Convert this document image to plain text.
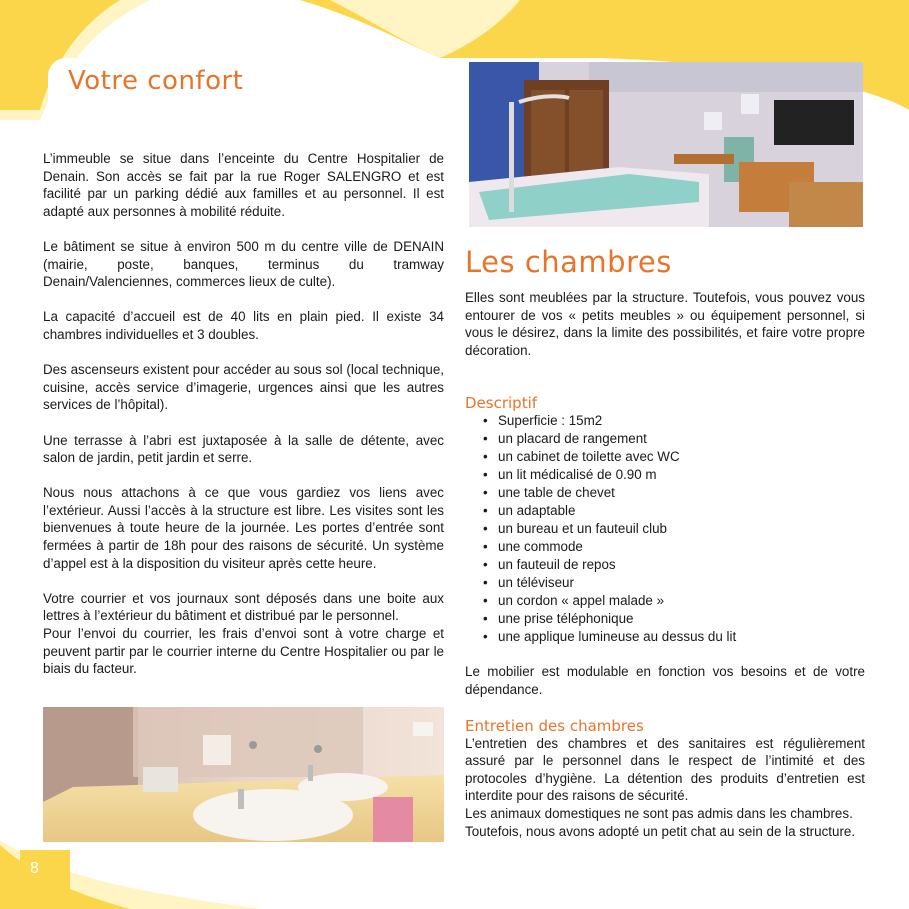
Votre confort

L’immeuble se situe dans l’enceinte du Centre Hospitalier de Denain. Son accès se fait par la rue Roger SALENGRO et est facilité par un parking dédié aux familles et au personnel. Il est adapté aux personnes à mobilité réduite.

Le bâtiment se situe à environ 500 m du centre ville de DENAIN (mairie, poste, banques, terminus du tramway Denain/Valenciennes, commerces lieux de culte).

La capacité d’accueil est de 40 lits en plain pied. Il existe 34 chambres individuelles et 3 doubles.

Des ascenseurs existent pour accéder au sous sol (local technique, cuisine, accès service d’imagerie, urgences ainsi que les autres services de l’hôpital).

Une terrasse à l’abri est juxtaposée à la salle de détente, avec salon de jardin, petit jardin et serre.

Nous nous attachons à ce que vous gardiez vos liens avec l’extérieur. Aussi l’accès à la structure est libre. Les visites sont les bienvenues à toute heure de la journée. Les portes d’entrée sont fermées à partir de 18h pour des raisons de sécurité. Un système d’appel est à la disposition du visiteur après cette heure.

Votre courrier et vos journaux sont déposés dans une boite aux lettres à l’extérieur du bâtiment et distribué par le personnel.

Pour l’envoi du courrier, les frais d’envoi sont à votre charge et peuvent partir par le courrier interne du Centre Hospitalier ou par le biais du facteur.

Les chambres

Elles sont meublées par la structure. Toutefois, vous pouvez vous entourer de vos « petits meubles » ou équipement personnel, si vous le désirez, dans la limite des possibilités, et faire votre propre décoration.

Descriptif
• Superficie : 15m2
• un placard de rangement
• un cabinet de toilette avec WC
• un lit médicalisé de 0.90 m
• une table de chevet
• un adaptable
• un bureau et un fauteuil club
• une commode
• un fauteuil de repos
• un téléviseur
• un cordon « appel malade »
• une prise téléphonique
• une applique lumineuse au dessus du lit

Le mobilier est modulable en fonction vos besoins et de votre dépendance.

Entretien des chambres

L’entretien des chambres et des sanitaires est régulièrement assuré par le personnel dans le respect de l’intimité et des protocoles d’hygiène. La détention des produits d’entretien est interdite pour des raisons de sécurité.

Les animaux domestiques ne sont pas admis dans les chambres.

Toutefois, nous avons adopté un petit chat au sein de la structure.

8
